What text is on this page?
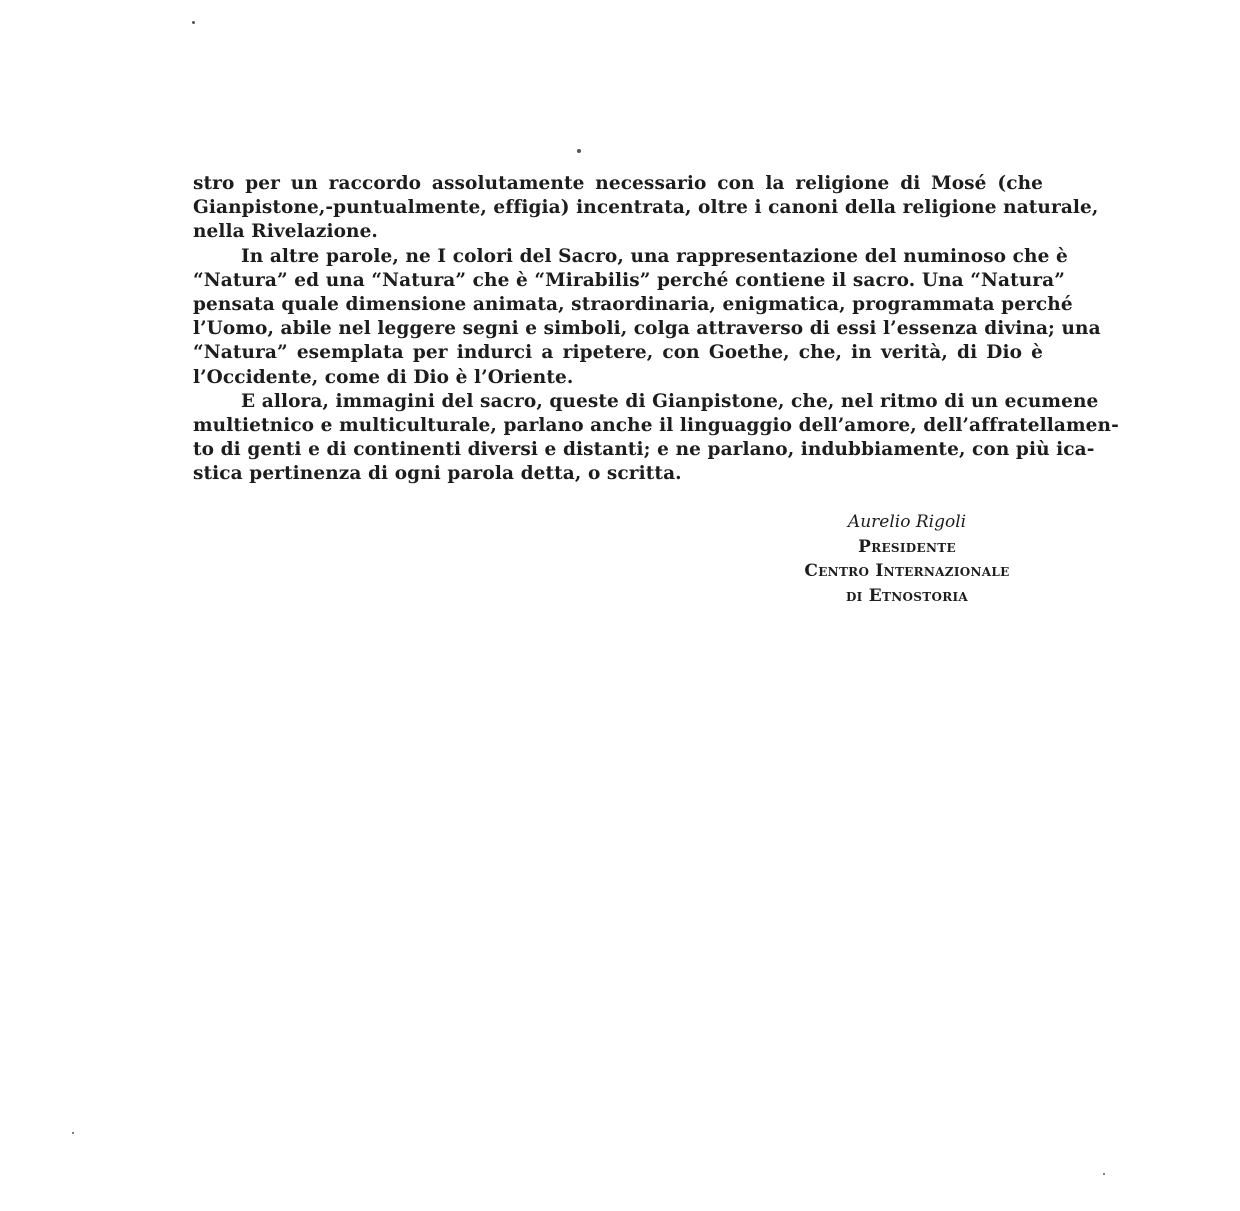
stro per un raccordo assolutamente necessario con la religione di Mosé (che
Gianpistone,-puntualmente, effigia) incentrata, oltre i canoni della religione naturale,
nella Rivelazione.
In altre parole, ne I colori del Sacro, una rappresentazione del numinoso che è
“Natura” ed una “Natura” che è “Mirabilis” perché contiene il sacro. Una “Natura”
pensata quale dimensione animata, straordinaria, enigmatica, programmata perché
l’Uomo, abile nel leggere segni e simboli, colga attraverso di essi l’essenza divina; una
“Natura” esemplata per indurci a ripetere, con Goethe, che, in verità, di Dio è
l’Occidente, come di Dio è l’Oriente.
E allora, immagini del sacro, queste di Gianpistone, che, nel ritmo di un ecumene
multietnico e multiculturale, parlano anche il linguaggio dell’amore, dell’affratellamen-
to di genti e di continenti diversi e distanti; e ne parlano, indubbiamente, con più ica-
stica pertinenza di ogni parola detta, o scritta.
Aurelio Rigoli
Presidente
Centro Internazionale
di Etnostoria
